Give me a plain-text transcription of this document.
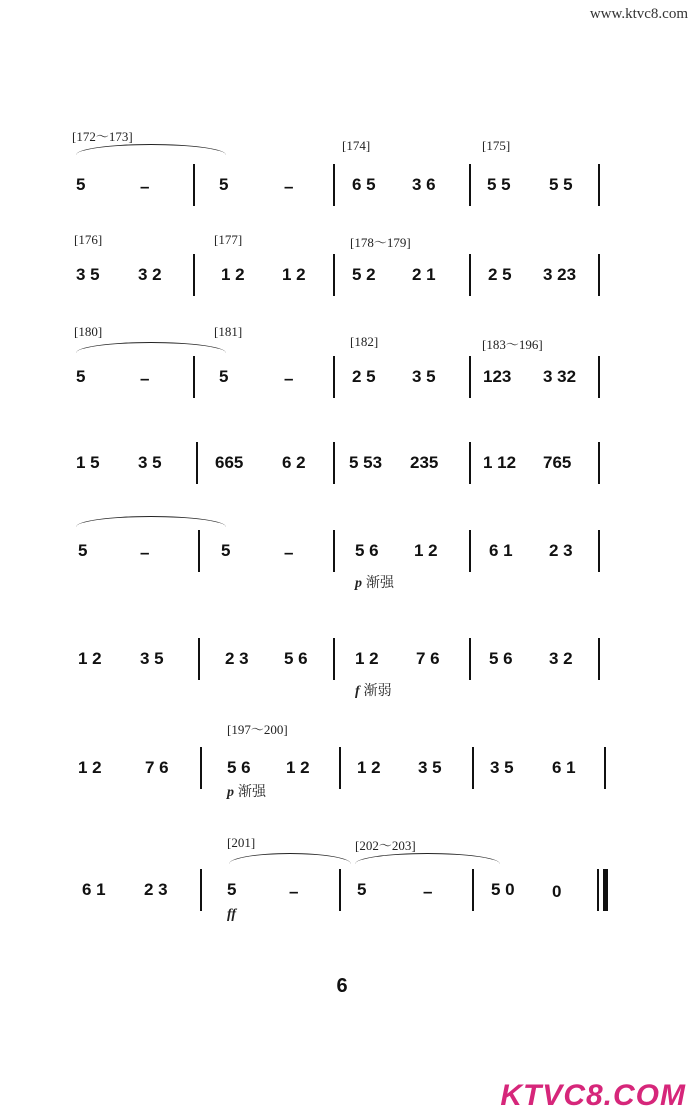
www.ktvc8.com
[172～173]
[174]	[175]
5	–	5	–	6 5 3 6	5 5 5 5
[176]	[177]	[178～179]
3 5 3 2	1 2 1 2	5 2 2 1	2 5 3 23
[180]	[181]
[182]	[183～196]
5	–	5	–	2 5 3 5	123 3 32
1 5 3 5	665 6 2	5 53 235	1 12 765
5	–	5	–	5 6 1 2	6 1 2 3
p 渐强
1 2 3 5	2 3 5 6	1 2 7 6	5 6 3 2
f 渐弱
[197～200]
1 2	7 6	5 6 1 2	1 2 3 5	3 5 6 1
p 渐强
[201]	[202～203]
6 1 2 3	5	–	5	–	5 0 0
ff
6
KTVC8.COM
